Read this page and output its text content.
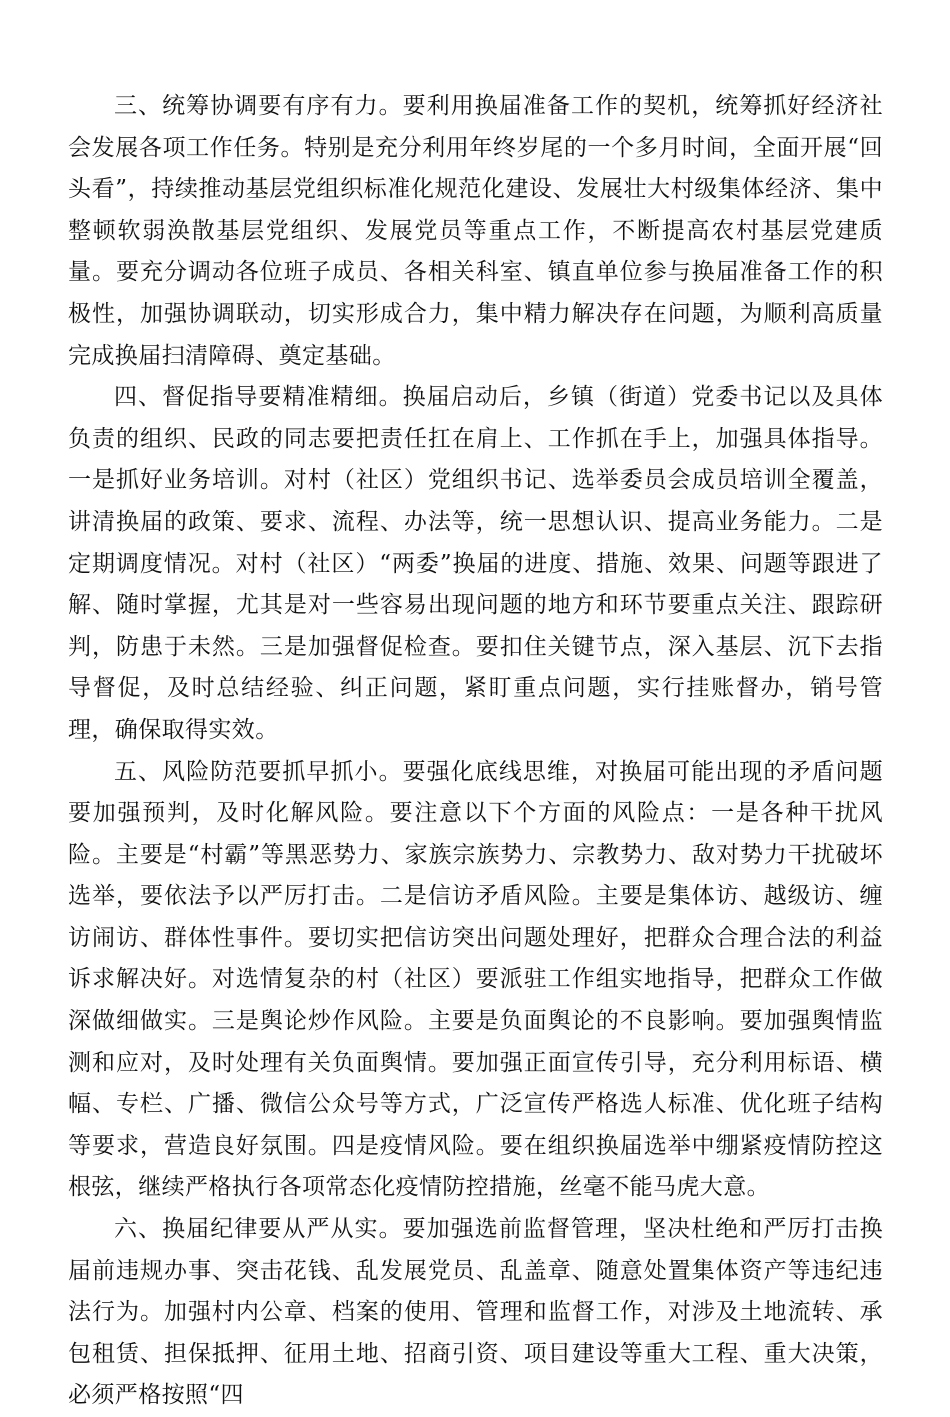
三、统筹协调要有序有力。要利用换届准备工作的契机，统筹抓好经济社会发展各项工作任务。特别是充分利用年终岁尾的一个多月时间，全面开展“回头看”，持续推动基层党组织标准化规范化建设、发展壮大村级集体经济、集中整顿软弱涣散基层党组织、发展党员等重点工作，不断提高农村基层党建质量。要充分调动各位班子成员、各相关科室、镇直单位参与换届准备工作的积极性，加强协调联动，切实形成合力，集中精力解决存在问题，为顺利高质量完成换届扫清障碍、奠定基础。

四、督促指导要精准精细。换届启动后，乡镇（街道）党委书记以及具体负责的组织、民政的同志要把责任扛在肩上、工作抓在手上，加强具体指导。一是抓好业务培训。对村（社区）党组织书记、选举委员会成员培训全覆盖，讲清换届的政策、要求、流程、办法等，统一思想认识、提高业务能力。二是定期调度情况。对村（社区）“两委”换届的进度、措施、效果、问题等跟进了解、随时掌握，尤其是对一些容易出现问题的地方和环节要重点关注、跟踪研判，防患于未然。三是加强督促检查。要扣住关键节点，深入基层、沉下去指导督促，及时总结经验、纠正问题，紧盯重点问题，实行挂账督办，销号管理，确保取得实效。

五、风险防范要抓早抓小。要强化底线思维，对换届可能出现的矛盾问题要加强预判，及时化解风险。要注意以下个方面的风险点：一是各种干扰风险。主要是“村霸”等黑恶势力、家族宗族势力、宗教势力、敌对势力干扰破坏选举，要依法予以严厉打击。二是信访矛盾风险。主要是集体访、越级访、缠访闹访、群体性事件。要切实把信访突出问题处理好，把群众合理合法的利益诉求解决好。对选情复杂的村（社区）要派驻工作组实地指导，把群众工作做深做细做实。三是舆论炒作风险。主要是负面舆论的不良影响。要加强舆情监测和应对，及时处理有关负面舆情。要加强正面宣传引导，充分利用标语、横幅、专栏、广播、微信公众号等方式，广泛宣传严格选人标准、优化班子结构等要求，营造良好氛围。四是疫情风险。要在组织换届选举中绷紧疫情防控这根弦，继续严格执行各项常态化疫情防控措施，丝毫不能马虎大意。

六、换届纪律要从严从实。要加强选前监督管理，坚决杜绝和严厉打击换届前违规办事、突击花钱、乱发展党员、乱盖章、随意处置集体资产等违纪违法行为。加强村内公章、档案的使用、管理和监督工作，对涉及土地流转、承包租赁、担保抵押、征用土地、招商引资、项目建设等重大工程、重大决策，必须严格按照“四
